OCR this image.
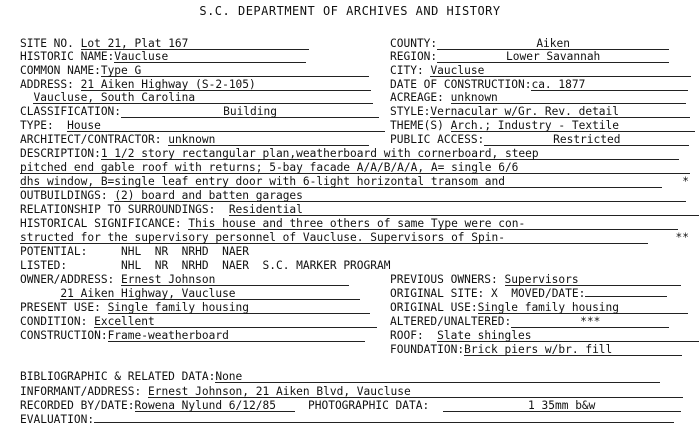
S.C. DEPARTMENT OF ARCHIVES AND HISTORY
SITE NO. Lot 21, Plat 167	COUNTY:	Aiken
HISTORIC NAME:Vaucluse	REGION:	Lower Savannah
COMMON NAME:Type G	CITY: Vaucluse
ADDRESS: 21 Aiken Highway (S-2-105)	DATE OF CONSTRUCTION:ca. 1877
Vaucluse, South Carolina	ACREAGE: unknown
CLASSIFICATION:	Building	STYLE:Vernacular w/Gr. Rev. detail
TYPE: House	THEME(S) Arch.; Industry - Textile
ARCHITECT/CONTRACTOR: unknown	PUBLIC ACCESS:	Restricted
DESCRIPTION:1 1/2 story rectangular plan,weatherboard with cornerboard, steep
pitched end gable roof with returns; 5-bay facade A/A/B/A/A, A= single 6/6
dhs window, B=single leaf entry door with 6-light horizontal transom and	*
OUTBUILDINGS: (2) board and batten garages
RELATIONSHIP TO SURROUNDINGS: Residential
HISTORICAL SIGNIFICANCE: This house and three others of same Type were con-
structed for the supervisory personnel of Vaucluse. Supervisors of Spin-	**
POTENTIAL:	NHL  NR  NRHD  NAER
LISTED:	NHL  NR  NRHD  NAER  S.C. MARKER PROGRAM
OWNER/ADDRESS: Ernest Johnson	PREVIOUS OWNERS: Supervisors
21 Aiken Highway, Vaucluse	ORIGINAL SITE: X MOVED/DATE:
PRESENT USE: Single family housing	ORIGINAL USE:Single family housing
CONDITION: Excellent	ALTERED/UNALTERED:	***
CONSTRUCTION:Frame-weatherboard	ROOF: Slate shingles
FOUNDATION:Brick piers w/br. fill
BIBLIOGRAPHIC & RELATED DATA:None
INFORMANT/ADDRESS: Ernest Johnson, 21 Aiken Blvd, Vaucluse
RECORDED BY/DATE:Rowena Nylund 6/12/85	PHOTOGRAPHIC DATA:	1 35mm b&w
EVALUATION:
